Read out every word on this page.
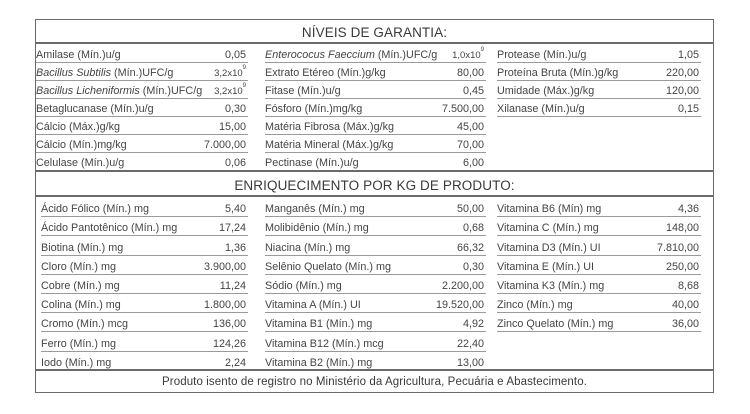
NÍVEIS DE GARANTIA:
Amilase (Mín.)u/g	0,05
Bacillus Subtilis (Mín.)UFC/g	$3,2x10^9$
Bacillus Licheniformis (Mín.)UFC/g $3,2x10^9$
Betaglucanase (Mín.)u/g	0,30
Cálcio (Máx.)g/kg	15,00
Cálcio (Mín.)mg/kg	7.000,00
Celulase (Mín.)u/g	0,06
Enterococus Faeccium (Mín.)UFC/g $1,0x10^9$
Extrato Etéreo (Mín.)g/kg	80,00
Fitase (Mín.)u/g	0,45
Fósforo (Mín.)mg/kg	7.500,00
Matéria Fibrosa (Máx.)g/kg	45,00
Matéria Mineral (Máx.)g/kg	70,00
Pectinase (Mín.)u/g	6,00
Protease (Mín.)u/g	1,05
Proteína Bruta (Mín.)g/kg	220,00
Umidade (Máx.)g/kg	120,00
Xilanase (Mín.)u/g	0,15
ENRIQUECIMENTO POR KG DE PRODUTO:
Ácido Fólico (Mín.) mg	5,40
Ácido Pantotênico (Mín.) mg	17,24
Biotina (Mín.) mg	1,36
Cloro (Mín.) mg	3.900,00
Cobre (Mín.) mg	11,24
Colina (Mín.) mg	1.800,00
Cromo (Mín.) mcg	136,00
Ferro (Mín.) mg	124,26
Iodo (Mín.) mg	2,24
Manganês (Mín.) mg	50,00
Molibidênio (Mín.) mg	0,68
Niacina (Mín.) mg	66,32
Selênio Quelato (Mín.) mg	0,30
Sódio (Mín.) mg	2.200,00
Vitamina A (Mín.) UI	19.520,00
Vitamina B1 (Mín.) mg	4,92
Vitamina B12 (Mín.) mcg	22,40
Vitamina B2 (Mín.) mg	13,00
Vitamina B6 (Mín) mg	4,36
Vitamina C (Mín.) mg	148,00
Vitamina D3 (Mín.) UI	7.810,00
Vitamina E (Mín.) UI	250,00
Vitamina K3 (Mín.) mg	8,68
Zinco (Mín.) mg	40,00
Zinco Quelato (Mín.) mg	36,00
Produto isento de registro no Ministério da Agricultura, Pecuária e Abastecimento.
